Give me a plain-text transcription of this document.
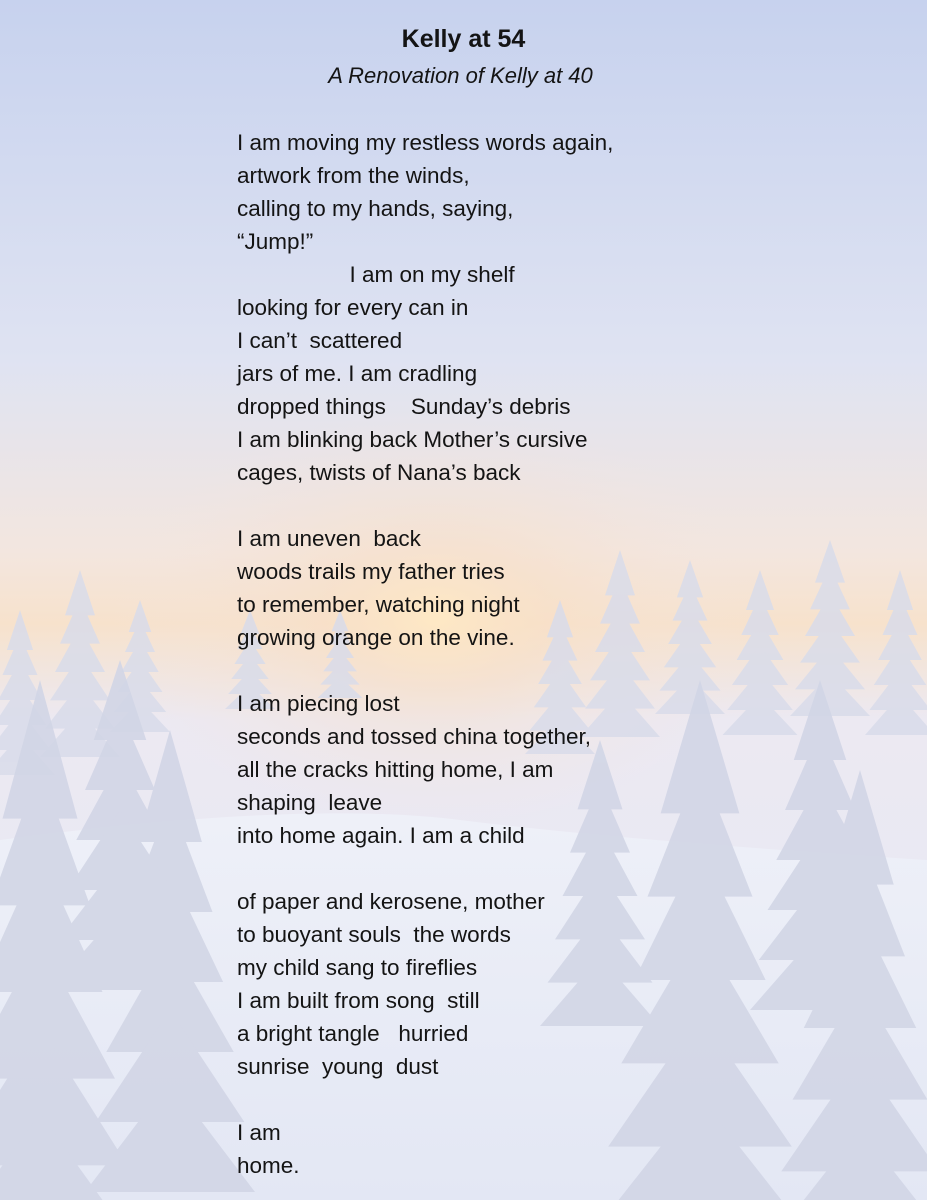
Kelly at 54
A Renovation of Kelly at 40
I am moving my restless words again,
artwork from the winds,
calling to my hands, saying,
“Jump!”
I am on my shelf
looking for every can in
I can’t  scattered
jars of me. I am cradling
dropped things    Sunday’s debris
I am blinking back Mother’s cursive
cages, twists of Nana’s back
I am uneven  back
woods trails my father tries
to remember, watching night
growing orange on the vine.
I am piecing lost
seconds and tossed china together,
all the cracks hitting home, I am
shaping  leave
into home again. I am a child
of paper and kerosene, mother
to buoyant souls  the words
my child sang to fireflies
I am built from song  still
a bright tangle   hurried
sunrise  young  dust
I am
home.
